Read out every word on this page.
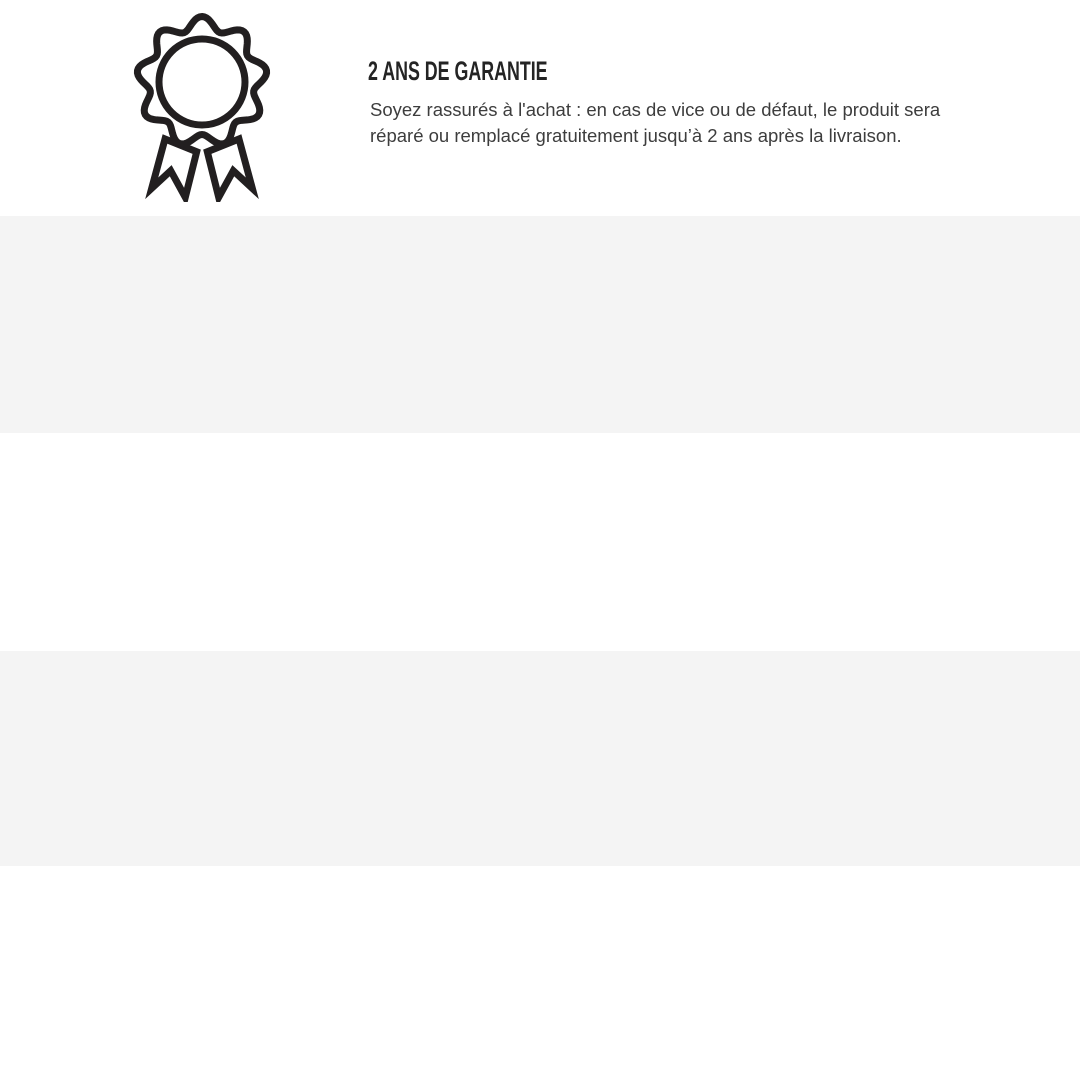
2 ANS DE GARANTIE

Soyez rassurés à l'achat : en cas de vice ou de défaut, le produit sera réparé ou remplacé gratuitement jusqu’à 2 ans après la livraison.
